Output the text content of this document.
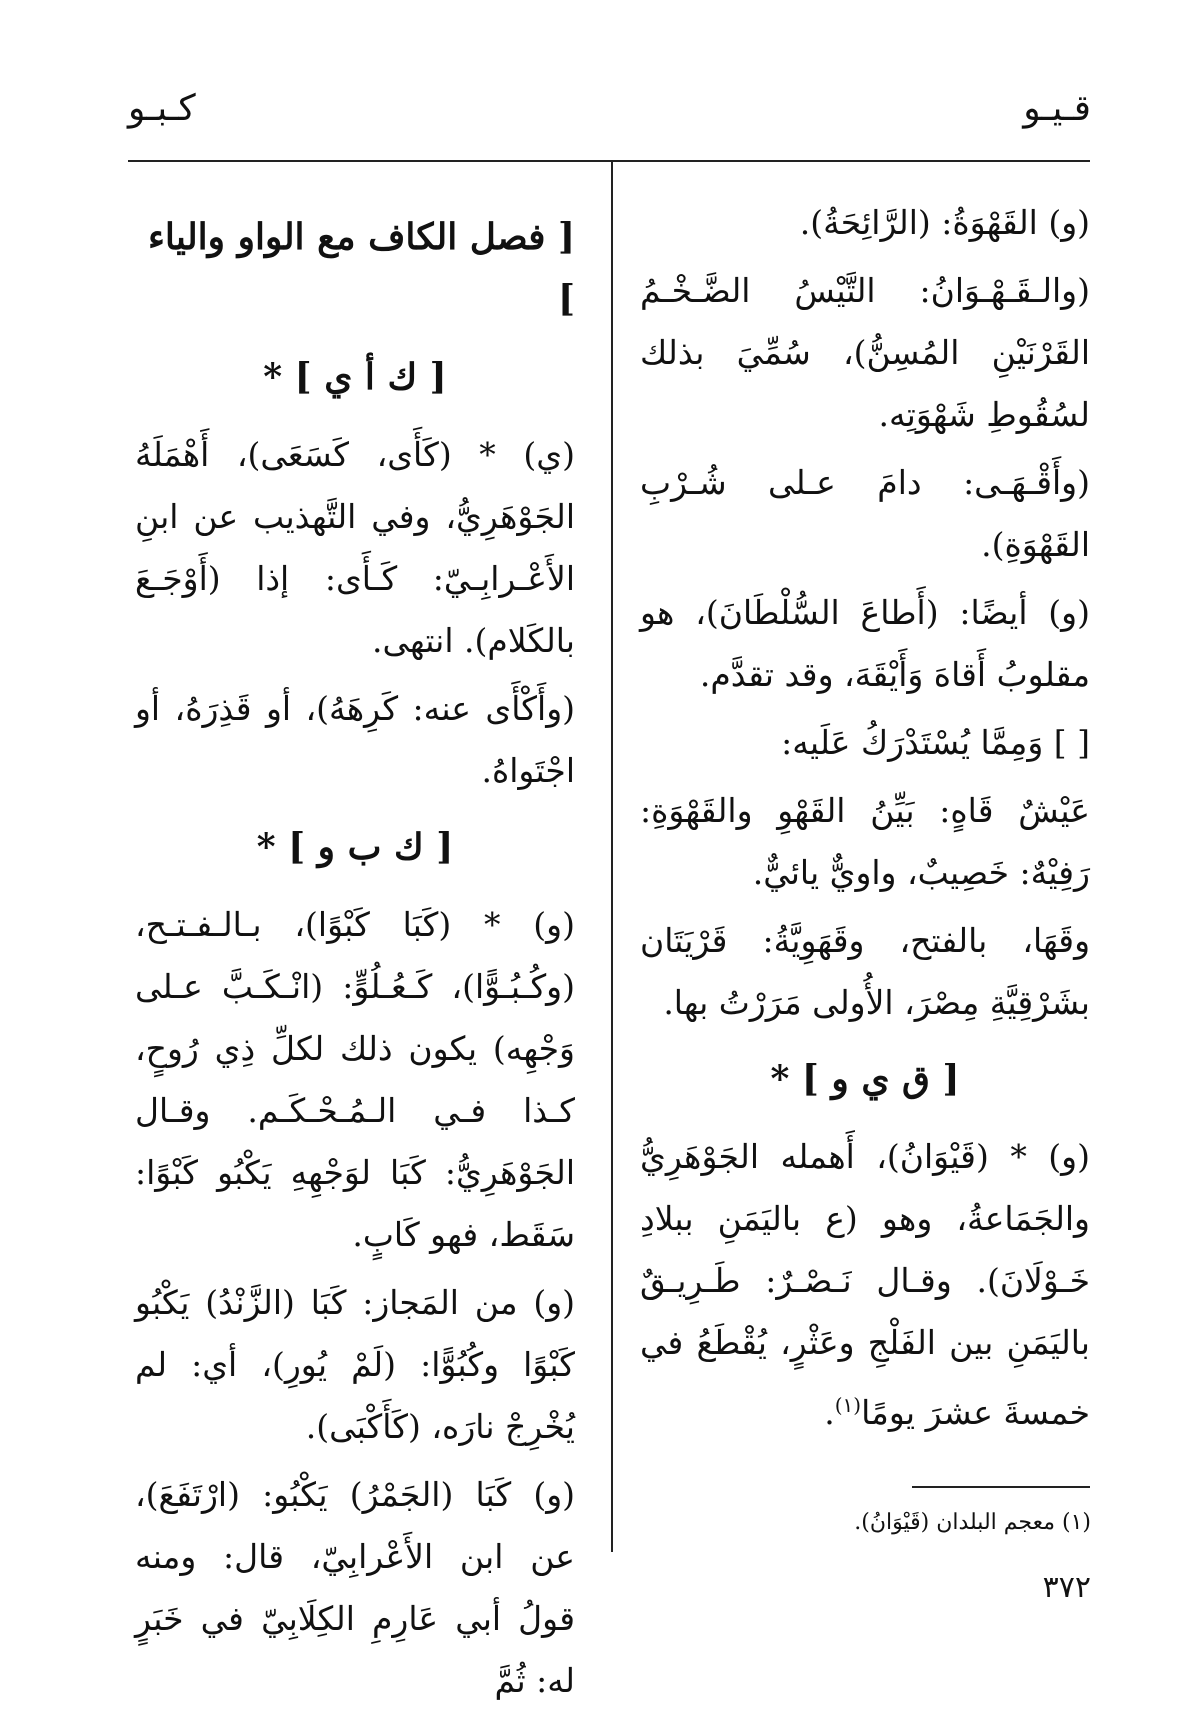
قـيـو
كـبـو

(و) القَهْوَةُ: (الرَّائِحَةُ).

(والـقَـهْـوَانُ: التَّيْسُ الضَّـخْـمُ القَرْنَيْنِ المُسِنُّ)، سُمِّيَ بذلك لسُقُوطِ شَهْوَتِه.

(وأَقْـهَـى: دامَ عـلى شُـرْبِ القَهْوَةِ).

(و) أيضًا: (أَطاعَ السُّلْطَانَ)، هو مقلوبُ أَقاهَ وَأَيْقَهَ، وقد تقدَّم.

[ ] وَمِمَّا يُسْتَدْرَكُ عَلَيه:

عَيْشٌ قَاهٍ: بَيِّنُ القَهْوِ والقَهْوَةِ: رَفِيْهٌ: خَصِيبٌ، واويٌّ يائيٌّ.

وقَهَا، بالفتح، وقَهَوِيَّةُ: قَرْيَتَان بشَرْقِيَّةِ مِصْرَ، الأُولى مَرَرْتُ بها.

[ ق ي و ] *

(و) * (قَيْوَانُ)، أَهمله الجَوْهَرِيُّ والجَمَاعةُ، وهو (ع باليَمَنِ ببلادِ خَـوْلَانَ). وقـال نَـصْـرٌ: طَـرِيـقٌ باليَمَنِ بين الفَلْجِ وعَثْرٍ، يُقْطَعُ في خمسةَ عشرَ يومًا$^{(١)}$.

[ فصل الكاف مع الواو والياء ]
[ ك أ ي ] *

(ي) * (كَأَى، كَسَعَى)، أَهْمَلَهُ الجَوْهَرِيُّ، وفي التَّهذيب عن ابنِ الأَعْـرابِـيّ: كَـأَى: إذا (أَوْجَـعَ بالكَلام). انتهى.

(وأَكْأَى عنه: كَرِهَهُ)، أو قَذِرَهُ، أو اجْتَواهُ.

[ ك ب و ] *

(و) * (كَبَا كَبْوًا)، بـالـفـتـح، (وكُـبُـوًّا)، كَـعُـلُوٍّ: (انْـكَـبَّ عـلى وَجْهِه) يكون ذلك لكلِّ ذِي رُوحٍ، كـذا فـي الـمُـحْـكَـم. وقـال الجَوْهَرِيُّ: كَبَا لوَجْهِهِ يَكْبُو كَبْوًا: سَقَط، فهو كَابٍ.

(و) من المَجاز: كَبَا (الزَّنْدُ) يَكْبُو كَبْوًا وكُبُوًّا: (لَمْ يُورِ)، أي: لم يُخْرِجْ نارَه، (كَأَكْبَى).

(و) كَبَا (الجَمْرُ) يَكْبُو: (ارْتَفَعَ)، عن ابن الأَعْرابِيّ، قال: ومنه قولُ أبي عَارِمِ الكِلَابِيّ في خَبَرٍ له: ثُمَّ

(١) معجم البلدان (قَيْوَانُ).
٣٧٢
